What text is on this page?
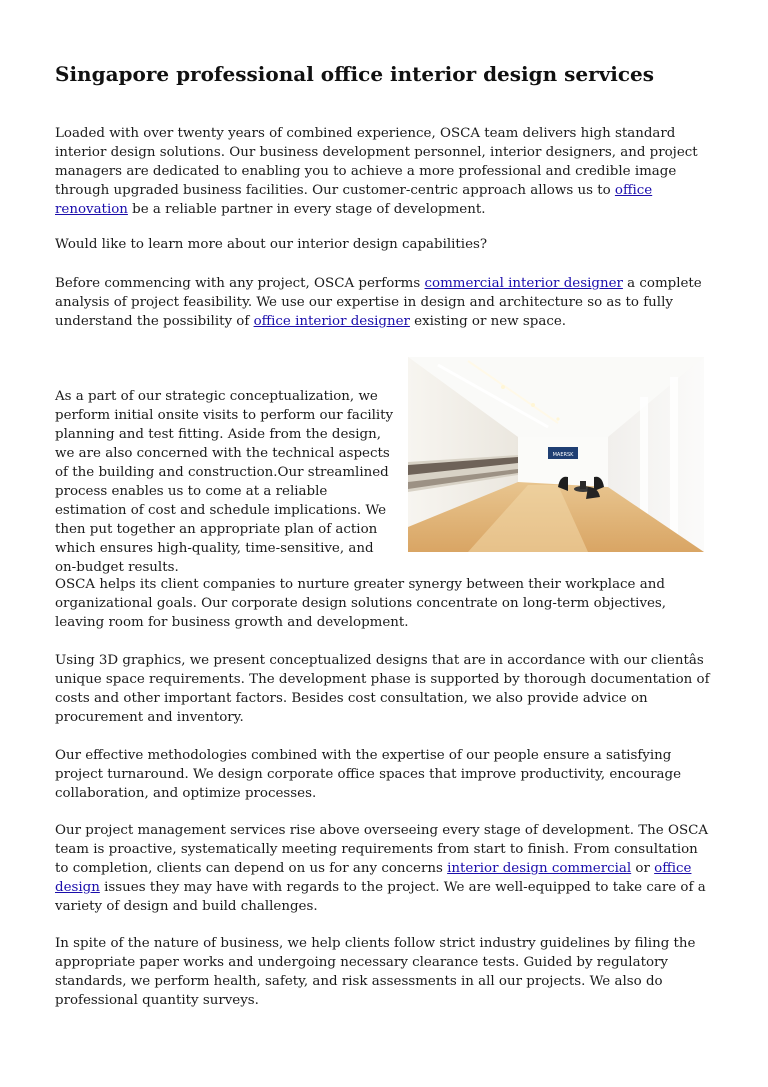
Singapore professional office interior design services

Loaded with over twenty years of combined experience, OSCA team delivers high standard interior design solutions. Our business development personnel, interior designers, and project managers are dedicated to enabling you to achieve a more professional and credible image through upgraded business facilities. Our customer-centric approach allows us to office renovation be a reliable partner in every stage of development.

Would like to learn more about our interior design capabilities?

Before commencing with any project, OSCA performs commercial interior designer a complete analysis of project feasibility. We use our expertise in design and architecture so as to fully understand the possibility of office interior designer existing or new space.

As a part of our strategic conceptualization, we perform initial onsite visits to perform our facility planning and test fitting. Aside from the design, we are also concerned with the technical aspects of the building and construction.Our streamlined process enables us to come at a reliable estimation of cost and schedule implications. We then put together an appropriate plan of action which ensures high-quality, time-sensitive, and on-budget results.

MAERSK

OSCA helps its client companies to nurture greater synergy between their workplace and organizational goals. Our corporate design solutions concentrate on long-term objectives, leaving room for business growth and development.

Using 3D graphics, we present conceptualized designs that are in accordance with our clientâs unique space requirements. The development phase is supported by thorough documentation of costs and other important factors. Besides cost consultation, we also provide advice on procurement and inventory.

Our effective methodologies combined with the expertise of our people ensure a satisfying project turnaround. We design corporate office spaces that improve productivity, encourage collaboration, and optimize processes.

Our project management services rise above overseeing every stage of development. The OSCA team is proactive, systematically meeting requirements from start to finish. From consultation to completion, clients can depend on us for any concerns interior design commercial or office design issues they may have with regards to the project. We are well-equipped to take care of a variety of design and build challenges.

In spite of the nature of business, we help clients follow strict industry guidelines by filing the appropriate paper works and undergoing necessary clearance tests. Guided by regulatory standards, we perform health, safety, and risk assessments in all our projects. We also do professional quantity surveys.
